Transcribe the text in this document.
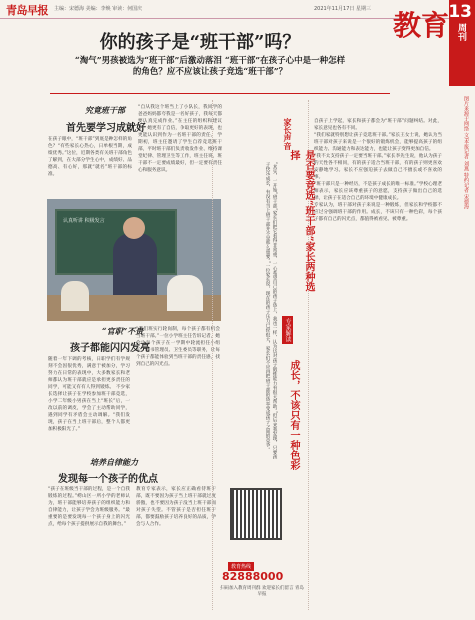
青岛早报 主编：宋德海 美编：李焕 审读：何国庆	2021年11月17日 星期三 教育 13
周刊
图片来源于网络 文/本报记者 刘燕 特约记者 宋德海
你的孩子是“班干部”吗？
“淘气”男孩被选为“班干部”后激动落泪 “班干部”在孩子心中是一种怎样
的角色？应不应该让孩子竞选“班干部”？
究竟班干部
首先要学习成就好
在孩子眼中，“班干部”到底是种怎样的角色？“有些家长心热心，日单根当期，成绩优秀。”这位，近期各类有关班干部角色了解到，在大部分学生心中，成绩好、品德高、有心好，那就“就名”班干部的标准。
“自从我这个班当上了小队长，我同学的爸爸妈妈都夸我是一名好孩子，我每天都要认真完成作业。”在主任的组织和建议下，她更有了自信，争取更好的表现，也更能认识到作为一名班干部的责任。 学期初，班主任邀请了学生自荐竞选班干部，平时班干部们负责收发作业、维持课堂纪律、管理卫生等工作，班主任说，班干部不一定要成绩最好，但一定要有责任心和服务意识。
认真听讲 积极发言
“官职”不贵
孩子都能闪闪发亮
随着一年下调的考核，日职学们有学规刻不会因很优秀，满意于被加分，学习努力在日常的表现中，大多数家长和老师都认为班干部就应是承担更多责任的同学，可能又有有人得到锻炼。 不少家长选择让孩子在学校参加班干部竞选，小学二年级小男孩在当上“班长”后，一改以前的调皮，学会了主动帮助同学，遇到同学有矛盾会主动调解。“我们发现，孩子在当上班干部后，整个人都更加积极阳光了。”
“我们班实行轮岗制，每个孩子都有机会当班干部。”一位小学班主任告诉记者，她会让每个孩子在一学期中轮流担任小组长、图书管理员、卫生委员等职务，让每个孩子都能体验到当班干部的责任感，找到自己的闪光点。
培养自律能力
发现每一个孩子的优点
“孩子在班级当干部的过程，是一个自我锻炼的过程。”崂山区一所小学的老师认为，班干部能够培养孩子的组织能力和自律能力，让孩子学会为班级服务。“最重要的是要发现每一个孩子身上的闪光点，给每个孩子提供展示自我的舞台。”
教育专家表示，家长应正确看待班干部，既不要因为孩子当上班干部就过度骄傲，也不要因为孩子没当上班干部而对孩子失望。不管孩子是否担任班干部，都要鼓励孩子培养良好的品质，学会与人合作。
“其实，一开始“班干部”家长们把它看得非常重，一心希望自己的孩子选上，我也一样，认为这对孩子锻炼能力有很大帮助。”但后来我发现，只要孩子快乐成长，有没有当上班干部并不是那么重要。”一位家长说，现在的孩子压力已经很大，家长们不应再把班干部的选举变成孩子之间的竞争。
家长声音
是否要竞选“班干部”家长两种选择
专家解读
成长，不该只有一种色彩

自孩子上学起，家长和孩子都会为“班干部”问题纠结。对此，家长意见也各有不同。

“我们家就特别想让孩子竞选班干部。”家长王女士说，她认为当班干部对孩子来说是一个很好的锻炼机会，能够提高孩子的组织能力、沟通能力和表达能力，也能让孩子变得更加自信。

“我不太支持孩子一定要当班干部。”家长李先生说，他认为孩子的天性各不相同，有的孩子适合当班干部，有的孩子则更喜欢安静地学习。家长不应强迫孩子去做自己不擅长或不喜欢的事。

“班干部只是一种经历，不是孩子成长的唯一标准。”学校心理老师表示，家长应该尊重孩子的意愿，支持孩子做出自己的选择，让孩子在适合自己的环境中健康成长。

专家认为，班干部对孩子来说是一种锻炼，但家长和学校都不应过分强调班干部的作用。成长，不该只有一种色彩，每个孩子都有自己的闪光点，都值得被看见、被尊重。

教育热线
82888000
扫码加入教育周刊群 欢迎家长们留言 青岛早报
